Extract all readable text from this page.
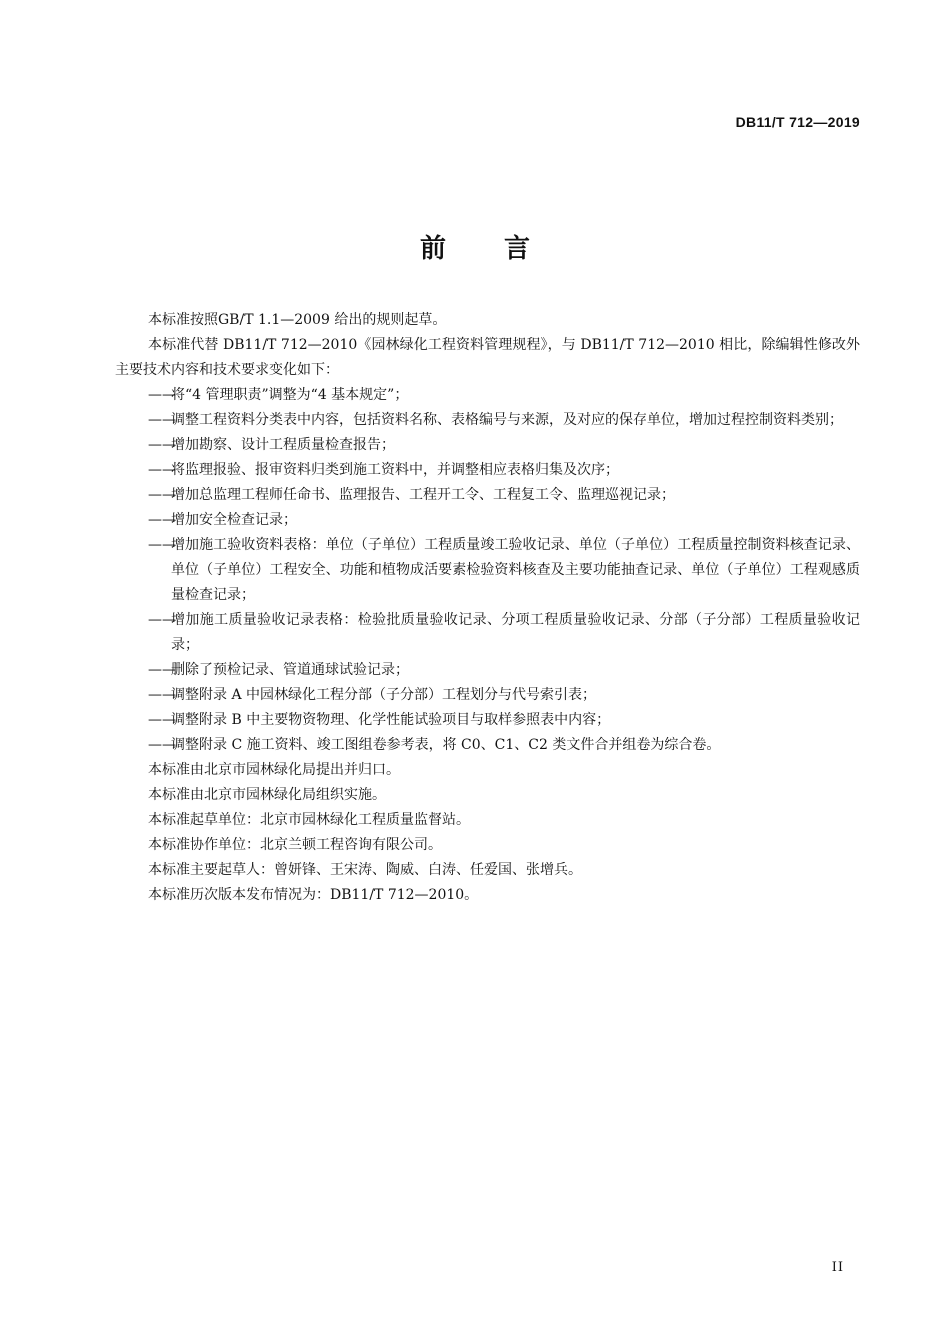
DB11/T 712—2019
前言

本标准按照GB/T 1.1—2009 给出的规则起草。

本标准代替 DB11/T 712—2010《园林绿化工程资料管理规程》，与 DB11/T 712—2010 相比，除编辑性修改外主要技术内容和技术要求变化如下：

——
将“4 管理职责”调整为“4 基本规定”；
——
调整工程资料分类表中内容，包括资料名称、表格编号与来源，及对应的保存单位，增加过程控制资料类别；
——
增加勘察、设计工程质量检查报告；
——
将监理报验、报审资料归类到施工资料中，并调整相应表格归集及次序；
——
增加总监理工程师任命书、监理报告、工程开工令、工程复工令、监理巡视记录；
——
增加安全检查记录；
——
增加施工验收资料表格：单位（子单位）工程质量竣工验收记录、单位（子单位）工程质量控制资料核查记录、单位（子单位）工程安全、功能和植物成活要素检验资料核查及主要功能抽查记录、单位（子单位）工程观感质量检查记录；
——
增加施工质量验收记录表格：检验批质量验收记录、分项工程质量验收记录、分部（子分部）工程质量验收记录；
——
删除了预检记录、管道通球试验记录；
——
调整附录 A 中园林绿化工程分部（子分部）工程划分与代号索引表；
——
调整附录 B 中主要物资物理、化学性能试验项目与取样参照表中内容；
——
调整附录 C 施工资料、竣工图组卷参考表，将 C0、C1、C2 类文件合并组卷为综合卷。

本标准由北京市园林绿化局提出并归口。

本标准由北京市园林绿化局组织实施。

本标准起草单位：北京市园林绿化工程质量监督站。

本标准协作单位：北京兰顿工程咨询有限公司。

本标准主要起草人：曾妍锋、王宋涛、陶威、白涛、任爱国、张增兵。

本标准历次版本发布情况为：DB11/T 712—2010。

II
